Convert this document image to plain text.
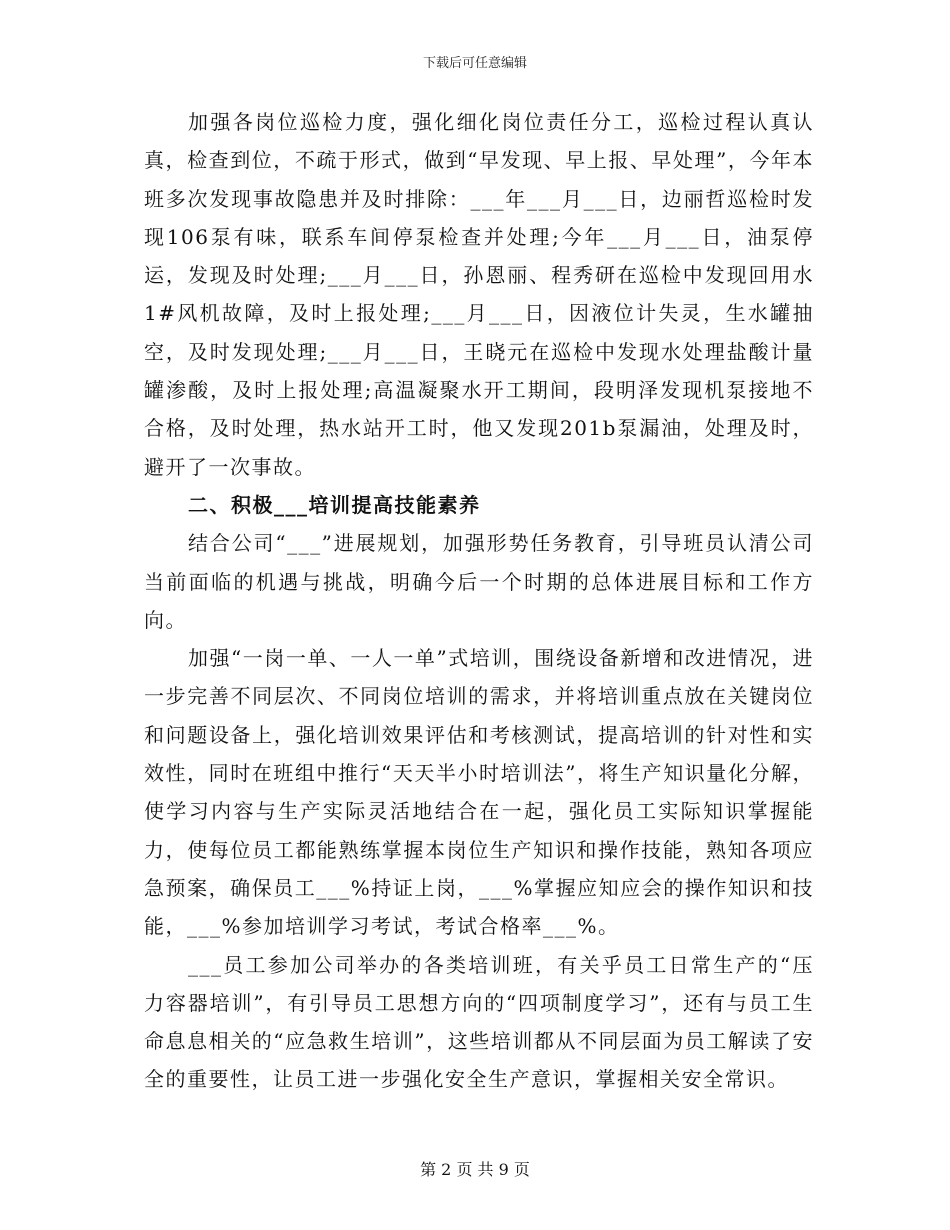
下载后可任意编辑

加强各岗位巡检力度，强化细化岗位责任分工，巡检过程认真认真，检查到位，不疏于形式，做到“早发现、早上报、早处理”，今年本班多次发现事故隐患并及时排除：___年___月___日，边丽哲巡检时发现106泵有味，联系车间停泵检查并处理;今年___月___日，油泵停运，发现及时处理;___月___日，孙恩丽、程秀研在巡检中发现回用水1#风机故障，及时上报处理;___月___日，因液位计失灵，生水罐抽空，及时发现处理;___月___日，王晓元在巡检中发现水处理盐酸计量罐渗酸，及时上报处理;高温凝聚水开工期间，段明泽发现机泵接地不合格，及时处理，热水站开工时，他又发现201b泵漏油，处理及时，避开了一次事故。

二、积极___培训提高技能素养

结合公司“___”进展规划，加强形势任务教育，引导班员认清公司当前面临的机遇与挑战，明确今后一个时期的总体进展目标和工作方向。

加强“一岗一单、一人一单”式培训，围绕设备新增和改进情况，进一步完善不同层次、不同岗位培训的需求，并将培训重点放在关键岗位和问题设备上，强化培训效果评估和考核测试，提高培训的针对性和实效性，同时在班组中推行“天天半小时培训法”，将生产知识量化分解，使学习内容与生产实际灵活地结合在一起，强化员工实际知识掌握能力，使每位员工都能熟练掌握本岗位生产知识和操作技能，熟知各项应急预案，确保员工___%持证上岗，___%掌握应知应会的操作知识和技能，___%参加培训学习考试，考试合格率___%。

___员工参加公司举办的各类培训班，有关乎员工日常生产的“压力容器培训”，有引导员工思想方向的“四项制度学习”，还有与员工生命息息相关的“应急救生培训”，这些培训都从不同层面为员工解读了安全的重要性，让员工进一步强化安全生产意识，掌握相关安全常识。

第 2 页 共 9 页
